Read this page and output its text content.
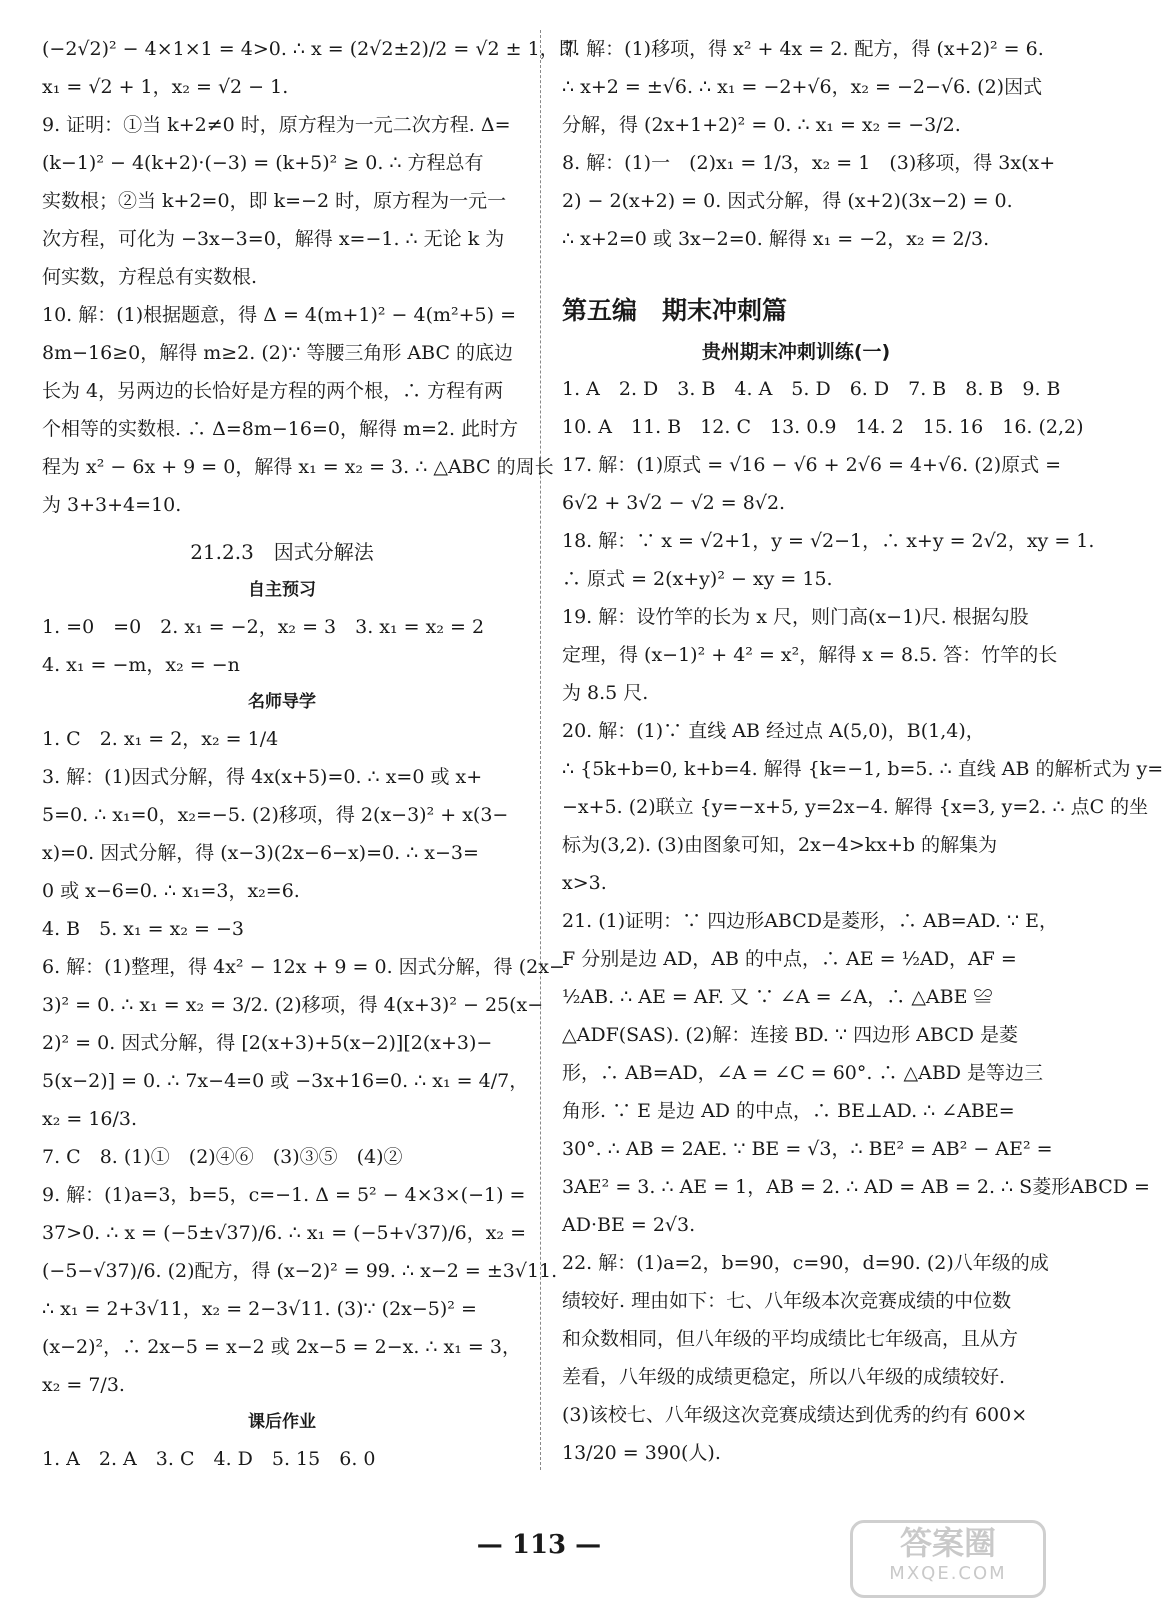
(−2√2)² − 4×1×1 = 4>0. ∴ x = (2√2±2)/2 = √2 ± 1，即
x₁ = √2 + 1，x₂ = √2 − 1.
9. 证明：①当 k+2≠0 时，原方程为一元二次方程. Δ=
(k−1)² − 4(k+2)·(−3) = (k+5)² ≥ 0. ∴ 方程总有
实数根；②当 k+2=0，即 k=−2 时，原方程为一元一
次方程，可化为 −3x−3=0，解得 x=−1. ∴ 无论 k 为
何实数，方程总有实数根.
10. 解：(1)根据题意，得 Δ = 4(m+1)² − 4(m²+5) =
8m−16≥0，解得 m≥2. (2)∵ 等腰三角形 ABC 的底边
长为 4，另两边的长恰好是方程的两个根，∴ 方程有两
个相等的实数根. ∴ Δ=8m−16=0，解得 m=2. 此时方
程为 x² − 6x + 9 = 0，解得 x₁ = x₂ = 3. ∴ △ABC 的周长
为 3+3+4=10.
21.2.3　因式分解法
自主预习
1. =0　=0　2. x₁ = −2，x₂ = 3　3. x₁ = x₂ = 2
4. x₁ = −m，x₂ = −n
名师导学
1. C　2. x₁ = 2，x₂ = 1/4
3. 解：(1)因式分解，得 4x(x+5)=0. ∴ x=0 或 x+
5=0. ∴ x₁=0，x₂=−5. (2)移项，得 2(x−3)² + x(3−
x)=0. 因式分解，得 (x−3)(2x−6−x)=0. ∴ x−3=
0 或 x−6=0. ∴ x₁=3，x₂=6.
4. B　5. x₁ = x₂ = −3
6. 解：(1)整理，得 4x² − 12x + 9 = 0. 因式分解，得 (2x−
3)² = 0. ∴ x₁ = x₂ = 3/2. (2)移项，得 4(x+3)² − 25(x−
2)² = 0. 因式分解，得 [2(x+3)+5(x−2)][2(x+3)−
5(x−2)] = 0. ∴ 7x−4=0 或 −3x+16=0. ∴ x₁ = 4/7，
x₂ = 16/3.
7. C　8. (1)①　(2)④⑥　(3)③⑤　(4)②
9. 解：(1)a=3，b=5，c=−1. Δ = 5² − 4×3×(−1) =
37>0. ∴ x = (−5±√37)/6. ∴ x₁ = (−5+√37)/6，x₂ =
(−5−√37)/6. (2)配方，得 (x−2)² = 99. ∴ x−2 = ±3√11.
∴ x₁ = 2+3√11，x₂ = 2−3√11. (3)∵ (2x−5)² =
(x−2)²，∴ 2x−5 = x−2 或 2x−5 = 2−x. ∴ x₁ = 3，
x₂ = 7/3.
课后作业
1. A　2. A　3. C　4. D　5. 15　6. 0
7. 解：(1)移项，得 x² + 4x = 2. 配方，得 (x+2)² = 6.
∴ x+2 = ±√6. ∴ x₁ = −2+√6，x₂ = −2−√6. (2)因式
分解，得 (2x+1+2)² = 0. ∴ x₁ = x₂ = −3/2.
8. 解：(1)一　(2)x₁ = 1/3，x₂ = 1　(3)移项，得 3x(x+
2) − 2(x+2) = 0. 因式分解，得 (x+2)(3x−2) = 0.
∴ x+2=0 或 3x−2=0. 解得 x₁ = −2，x₂ = 2/3.
第五编　期末冲刺篇
贵州期末冲刺训练(一)
1. A　2. D　3. B　4. A　5. D　6. D　7. B　8. B　9. B
10. A　11. B　12. C　13. 0.9　14. 2　15. 16　16. (2,2)
17. 解：(1)原式 = √16 − √6 + 2√6 = 4+√6. (2)原式 =
6√2 + 3√2 − √2 = 8√2.
18. 解：∵ x = √2+1，y = √2−1，∴ x+y = 2√2，xy = 1.
∴ 原式 = 2(x+y)² − xy = 15.
19. 解：设竹竿的长为 x 尺，则门高(x−1)尺. 根据勾股
定理，得 (x−1)² + 4² = x²，解得 x = 8.5. 答：竹竿的长
为 8.5 尺.
20. 解：(1)∵ 直线 AB 经过点 A(5,0)，B(1,4)，
∴ {5k+b=0, k+b=4. 解得 {k=−1, b=5. ∴ 直线 AB 的解析式为 y=
−x+5. (2)联立 {y=−x+5, y=2x−4. 解得 {x=3, y=2. ∴ 点C 的坐
标为(3,2). (3)由图象可知，2x−4>kx+b 的解集为
x>3.
21. (1)证明：∵ 四边形ABCD是菱形，∴ AB=AD. ∵ E，
F 分别是边 AD，AB 的中点，∴ AE = ½AD，AF =
½AB. ∴ AE = AF. 又 ∵ ∠A = ∠A，∴ △ABE ≌
△ADF(SAS). (2)解：连接 BD. ∵ 四边形 ABCD 是菱
形，∴ AB=AD，∠A = ∠C = 60°. ∴ △ABD 是等边三
角形. ∵ E 是边 AD 的中点，∴ BE⊥AD. ∴ ∠ABE=
30°. ∴ AB = 2AE. ∵ BE = √3，∴ BE² = AB² − AE² =
3AE² = 3. ∴ AE = 1，AB = 2. ∴ AD = AB = 2. ∴ S菱形ABCD =
AD·BE = 2√3.
22. 解：(1)a=2，b=90，c=90，d=90. (2)八年级的成
绩较好. 理由如下：七、八年级本次竞赛成绩的中位数
和众数相同，但八年级的平均成绩比七年级高，且从方
差看，八年级的成绩更稳定，所以八年级的成绩较好.
(3)该校七、八年级这次竞赛成绩达到优秀的约有 600×
13/20 = 390(人).
— 113 —	答案圈
MXQE.COM
